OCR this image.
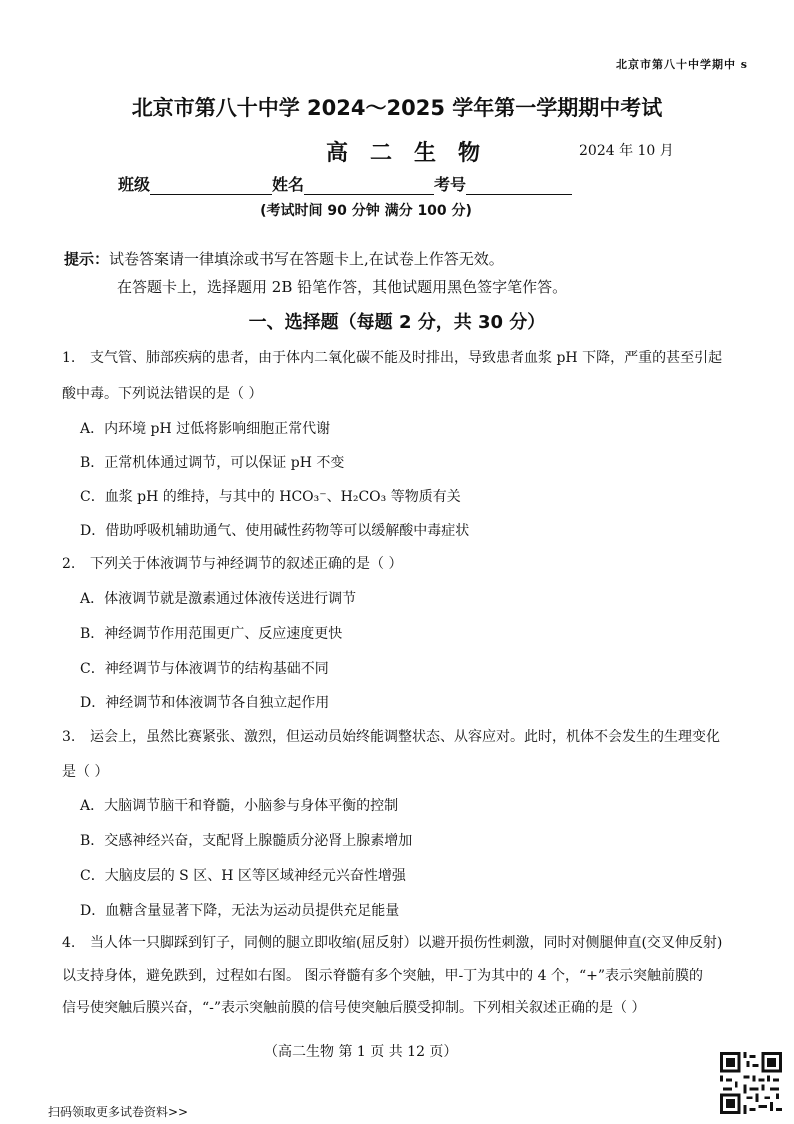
北京市第八十中学期中 s
北京市第八十中学 2024～2025 学年第一学期期中考试
高二生物	2024 年 10 月
班级	姓名	考号
(考试时间 90 分钟 满分 100 分)
提示：试卷答案请一律填涂或书写在答题卡上,在试卷上作答无效。
在答题卡上，选择题用 2B 铅笔作答，其他试题用黑色签字笔作答。
一、选择题（每题 2 分，共 30 分）
1. 支气管、肺部疾病的患者，由于体内二氧化碳不能及时排出，导致患者血浆 pH 下降，严重的甚至引起
酸中毒。下列说法错误的是（ ）
A．内环境 pH 过低将影响细胞正常代谢
B．正常机体通过调节，可以保证 pH 不变
C．血浆 pH 的维持，与其中的 HCO₃⁻、H₂CO₃ 等物质有关
D．借助呼吸机辅助通气、使用碱性药物等可以缓解酸中毒症状
2. 下列关于体液调节与神经调节的叙述正确的是（ ）
A．体液调节就是激素通过体液传送进行调节
B．神经调节作用范围更广、反应速度更快
C．神经调节与体液调节的结构基础不同
D．神经调节和体液调节各自独立起作用
3. 运会上，虽然比赛紧张、激烈，但运动员始终能调整状态、从容应对。此时，机体不会发生的生理变化
是（ ）
A．大脑调节脑干和脊髓，小脑参与身体平衡的控制
B．交感神经兴奋，支配肾上腺髓质分泌肾上腺素增加
C．大脑皮层的 S 区、H 区等区域神经元兴奋性增强
D．血糖含量显著下降，无法为运动员提供充足能量
4. 当人体一只脚踩到钉子，同侧的腿立即收缩(屈反射）以避开损伤性刺激，同时对侧腿伸直(交叉伸反射)
以支持身体，避免跌到，过程如右图。 图示脊髓有多个突触，甲-丁为其中的 4 个，“+”表示突触前膜的
信号使突触后膜兴奋，“-”表示突触前膜的信号使突触后膜受抑制。下列相关叙述正确的是（ ）
（高二生物 第 1 页 共 12 页）
扫码领取更多试卷资料>>
